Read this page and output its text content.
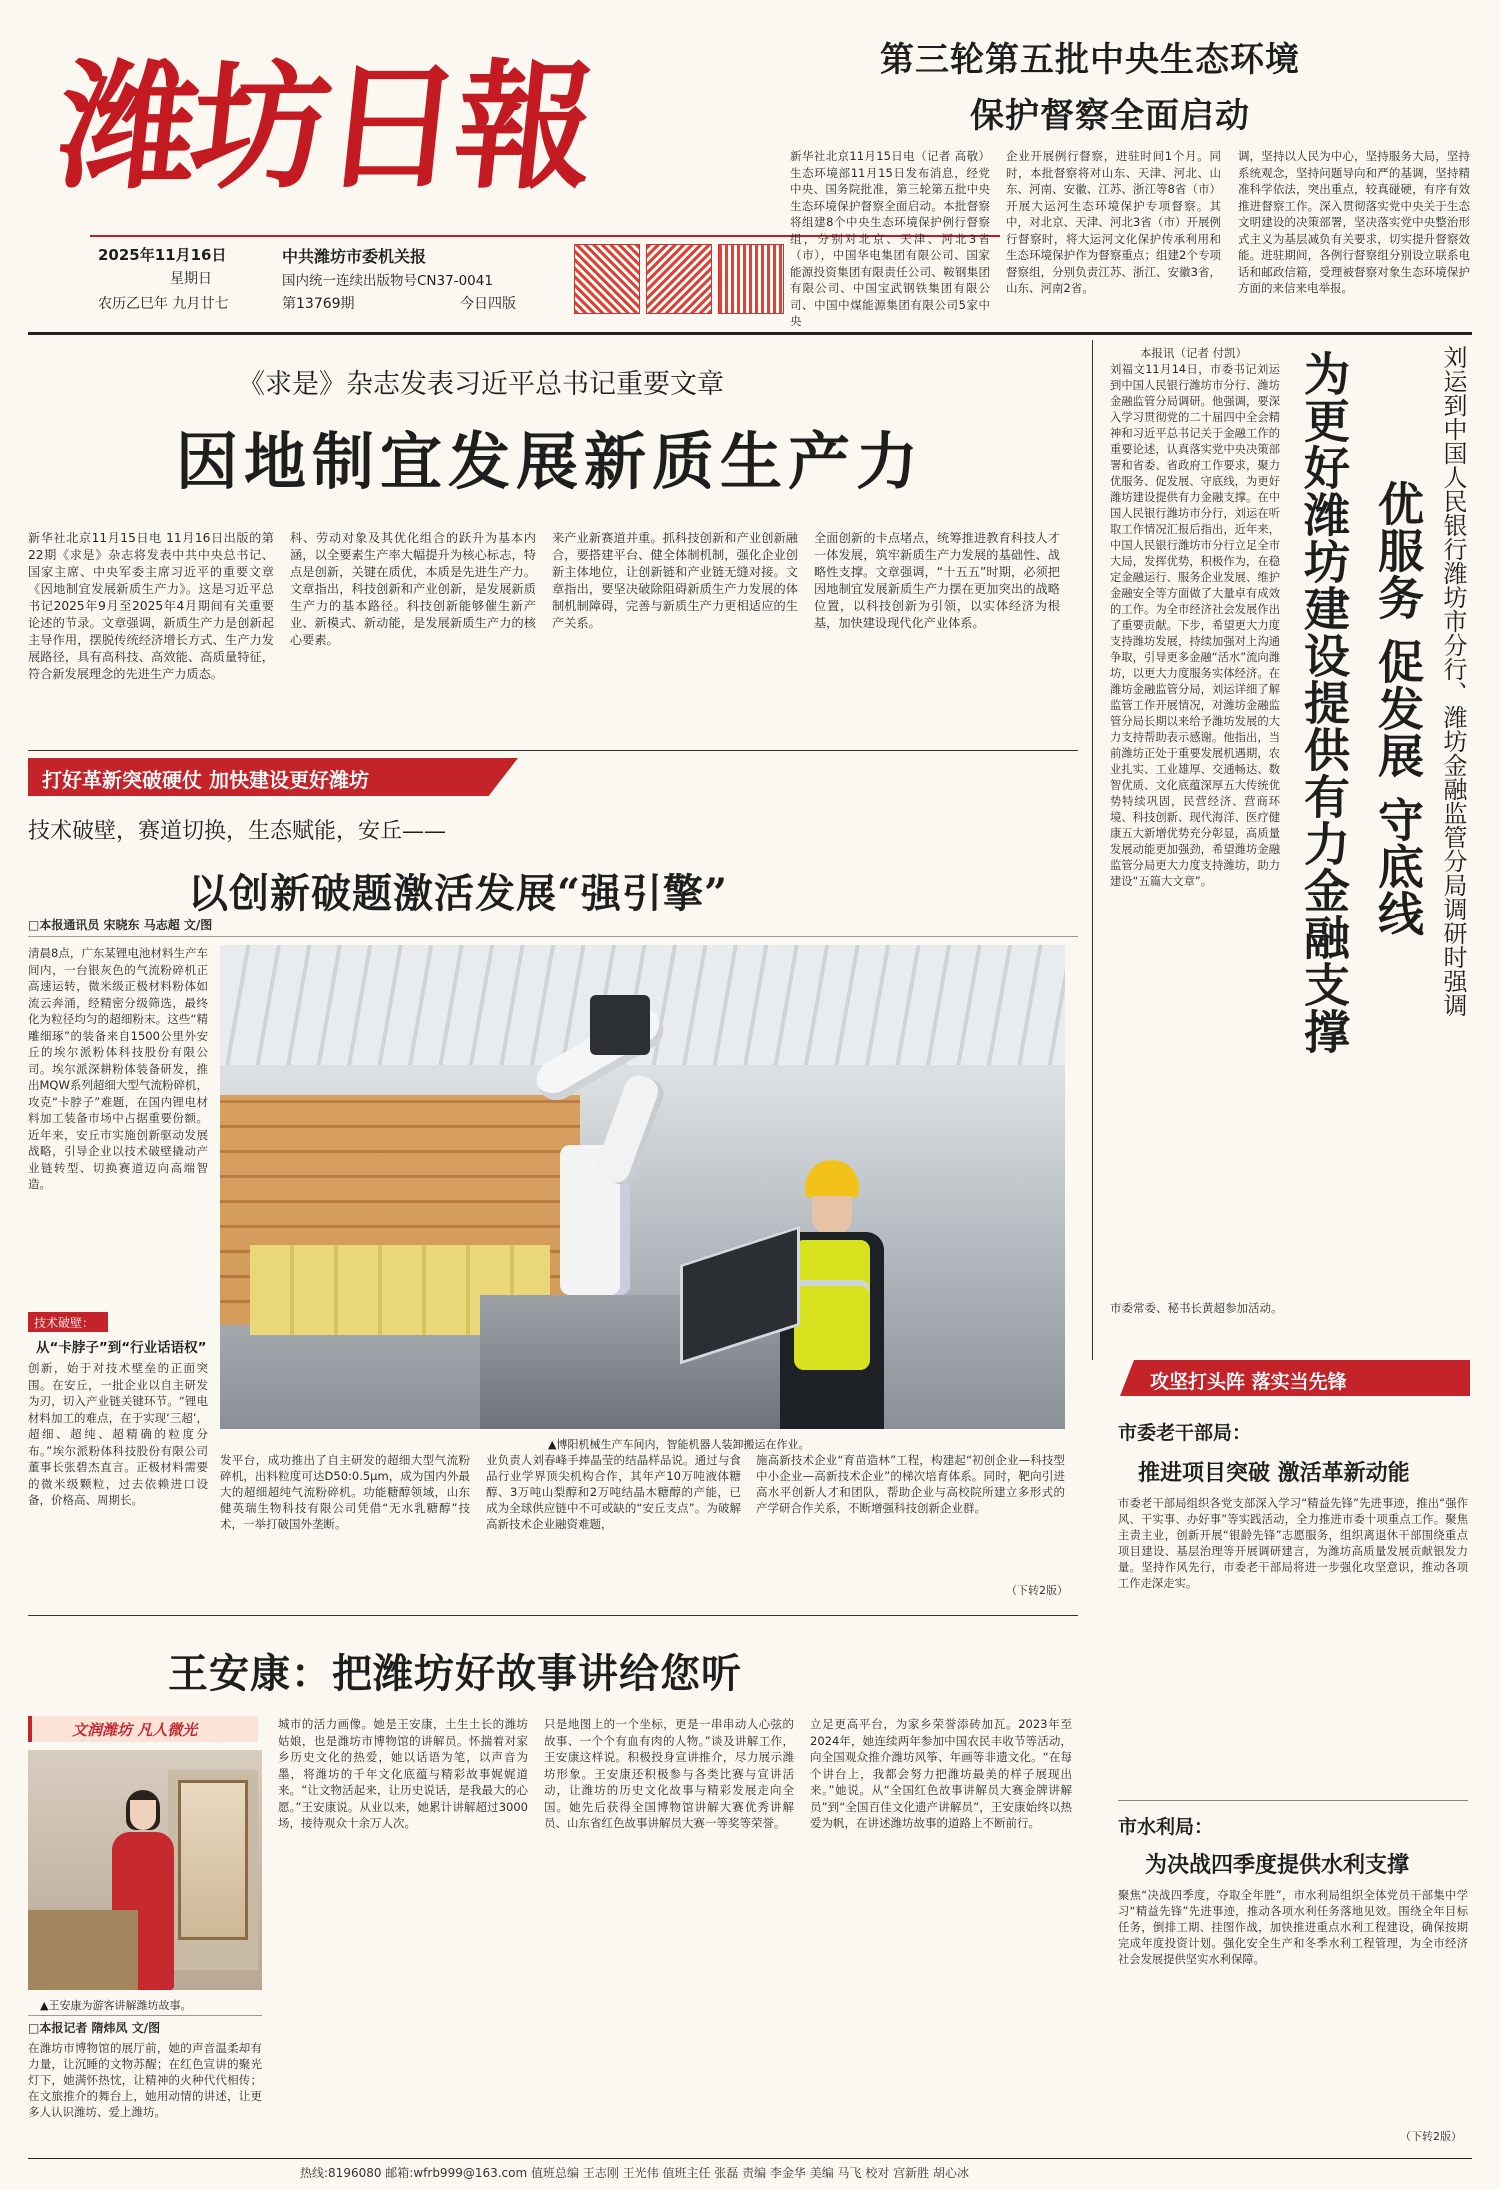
潍坊日報
2025年11月16日
星期日
农历乙巳年 九月廿七
中共潍坊市委机关报
国内统一连续出版物号CN37-0041
第13769期	今日四版
第三轮第五批中央生态环境
保护督察全面启动
新华社北京11月15日电（记者 高敬）生态环境部11月15日发布消息，经党中央、国务院批准，第三轮第五批中央生态环境保护督察全面启动。本批督察将组建8个中央生态环境保护例行督察组，分别对北京、天津、河北3省（市），中国华电集团有限公司、国家能源投资集团有限责任公司、鞍钢集团有限公司、中国宝武钢铁集团有限公司、中国中煤能源集团有限公司5家中央
企业开展例行督察，进驻时间1个月。同时，本批督察将对山东、天津、河北、山东、河南、安徽、江苏、浙江等8省（市）开展大运河生态环境保护专项督察。其中，对北京、天津、河北3省（市）开展例行督察时，将大运河文化保护传承利用和生态环境保护作为督察重点；组建2个专项督察组，分别负责江苏、浙江、安徽3省，山东、河南2省。
调，坚持以人民为中心，坚持服务大局，坚持系统观念，坚持问题导向和严的基调，坚持精准科学依法，突出重点，较真碰硬，有序有效推进督察工作。深入贯彻落实党中央关于生态文明建设的决策部署，坚决落实党中央整治形式主义为基层减负有关要求，切实提升督察效能。进驻期间，各例行督察组分别设立联系电话和邮政信箱，受理被督察对象生态环境保护方面的来信来电举报。
《求是》杂志发表习近平总书记重要文章
因地制宜发展新质生产力
新华社北京11月15日电 11月16日出版的第22期《求是》杂志将发表中共中央总书记、国家主席、中央军委主席习近平的重要文章《因地制宜发展新质生产力》。这是习近平总书记2025年9月至2025年4月期间有关重要论述的节录。文章强调，新质生产力是创新起主导作用，摆脱传统经济增长方式、生产力发展路径，具有高科技、高效能、高质量特征，符合新发展理念的先进生产力质态。
科、劳动对象及其优化组合的跃升为基本内涵，以全要素生产率大幅提升为核心标志，特点是创新，关键在质优，本质是先进生产力。文章指出，科技创新和产业创新，是发展新质生产力的基本路径。科技创新能够催生新产业、新模式、新动能，是发展新质生产力的核心要素。
来产业新赛道并重。抓科技创新和产业创新融合，要搭建平台、健全体制机制，强化企业创新主体地位，让创新链和产业链无缝对接。文章指出，要坚决破除阻碍新质生产力发展的体制机制障碍，完善与新质生产力更相适应的生产关系。
全面创新的卡点堵点，统筹推进教育科技人才一体发展，筑牢新质生产力发展的基础性、战略性支撑。文章强调，“十五五”时期，必须把因地制宜发展新质生产力摆在更加突出的战略位置，以科技创新为引领，以实体经济为根基，加快建设现代化产业体系。	刘运到中国人民银行潍坊市分行、潍坊金融监管分局调研时强调
优服务 促发展 守底线
为更好潍坊建设提供有力金融支撑
本报讯（记者 付凯）
刘福文11月14日，市委书记刘运到中国人民银行潍坊市分行、潍坊金融监管分局调研。他强调，要深入学习贯彻党的二十届四中全会精神和习近平总书记关于金融工作的重要论述，认真落实党中央决策部署和省委、省政府工作要求，聚力优服务、促发展、守底线，为更好潍坊建设提供有力金融支撑。在中国人民银行潍坊市分行，刘运在听取工作情况汇报后指出，近年来，中国人民银行潍坊市分行立足全市大局，发挥优势，积极作为，在稳定金融运行、服务企业发展、维护金融安全等方面做了大量卓有成效的工作。为全市经济社会发展作出了重要贡献。下步，希望更大力度支持潍坊发展，持续加强对上沟通争取，引导更多金融“活水”流向潍坊，以更大力度服务实体经济。在潍坊金融监管分局，刘运详细了解监管工作开展情况，对潍坊金融监管分局长期以来给予潍坊发展的大力支持帮助表示感谢。他指出，当前潍坊正处于重要发展机遇期，农业扎实、工业雄厚、交通畅达、数智优质、文化底蕴深厚五大传统优势特续巩固，民营经济、营商环境、科技创新、现代海洋、医疗健康五大新增优势充分彰显，高质量发展动能更加强劲，希望潍坊金融监管分局更大力度支持潍坊，助力建设“五篇大文章”。
市委常委、秘书长黄超参加活动。
打好革新突破硬仗 加快建设更好潍坊
技术破壁，赛道切换，生态赋能，安丘——
以创新破题激活发展“强引擎”
□本报通讯员 宋晓东 马志超 文/图
清晨8点，广东某锂电池材料生产车间内，一台银灰色的气流粉碎机正高速运转，微米级正极材料粉体如流云奔涌，经精密分级筛选，最终化为粒径均匀的超细粉末。这些“精雕细琢”的装备来自1500公里外安丘的埃尔派粉体科技股份有限公司。埃尔派深耕粉体装备研发，推出MQW系列超细大型气流粉碎机，攻克“卡脖子”难题，在国内锂电材料加工装备市场中占据重要份额。近年来，安丘市实施创新驱动发展战略，引导企业以技术破壁撬动产业链转型、切换赛道迈向高端智造。
技术破壁：
从“卡脖子”到“行业话语权”
创新，始于对技术壁垒的正面突围。在安丘，一批企业以自主研发为刃，切入产业链关键环节。“锂电材料加工的难点，在于实现‘三超’，超细、超纯、超精确的粒度分布。”埃尔派粉体科技股份有限公司董事长张碧杰直言。正极材料需要的微米级颗粒，过去依赖进口设备，价格高、周期长。
▲博阳机械生产车间内，智能机器人装卸搬运在作业。
发平台，成功推出了自主研发的超细大型气流粉碎机，出料粒度可达D50:0.5μm，成为国内外最大的超细超纯气流粉碎机。功能糖醇领域，山东健英瑞生物科技有限公司凭借“无水乳糖醇”技术，一举打破国外垄断。
业负责人刘春峰手捧晶莹的结晶样品说。通过与食品行业学界顶尖机构合作，其年产10万吨液体糖醇、3万吨山梨醇和2万吨结晶木糖醇的产能，已成为全球供应链中不可或缺的“安丘支点”。为破解高新技术企业融资难题，
施高新技术企业“育苗造林”工程，构建起“初创企业—科技型中小企业—高新技术企业”的梯次培育体系。同时，靶向引进高水平创新人才和团队，帮助企业与高校院所建立多形式的产学研合作关系，不断增强科技创新企业群。
（下转2版）
攻坚打头阵 落实当先锋
市委老干部局：
推进项目突破 激活革新动能
市委老干部局组织各党支部深入学习“精益先锋”先进事迹，推出“强作风、干实事、办好事”等实践活动，全力推进市委十项重点工作。聚焦主责主业，创新开展“银龄先锋”志愿服务，组织离退休干部围绕重点项目建设、基层治理等开展调研建言，为潍坊高质量发展贡献银发力量。坚持作风先行，市委老干部局将进一步强化攻坚意识，推动各项工作走深走实。
市水利局：
为决战四季度提供水利支撑
聚焦“决战四季度，夺取全年胜”，市水利局组织全体党员干部集中学习“精益先锋”先进事迹，推动各项水利任务落地见效。围绕全年目标任务，倒排工期、挂图作战，加快推进重点水利工程建设，确保按期完成年度投资计划。强化安全生产和冬季水利工程管理，为全市经济社会发展提供坚实水利保障。
（下转2版）
王安康：把潍坊好故事讲给您听
文润潍坊 凡人微光
▲王安康为游客讲解潍坊故事。
□本报记者 隋炜凤 文/图
在潍坊市博物馆的展厅前，她的声音温柔却有力量，让沉睡的文物苏醒；在红色宣讲的聚光灯下，她满怀热忱，让精神的火种代代相传；在文旅推介的舞台上，她用动情的讲述，让更多人认识潍坊、爱上潍坊。
城市的活力画像。她是王安康，土生土长的潍坊姑娘，也是潍坊市博物馆的讲解员。怀揣着对家乡历史文化的热爱，她以话语为笔，以声音为墨，将潍坊的千年文化底蕴与精彩故事娓娓道来。“让文物活起来，让历史说话，是我最大的心愿。”王安康说。从业以来，她累计讲解超过3000场，接待观众十余万人次。
只是地图上的一个坐标，更是一串串动人心弦的故事、一个个有血有肉的人物。”谈及讲解工作，王安康这样说。积极投身宣讲推介，尽力展示潍坊形象。王安康还积极参与各类比赛与宣讲活动，让潍坊的历史文化故事与精彩发展走向全国。她先后获得全国博物馆讲解大赛优秀讲解员、山东省红色故事讲解员大赛一等奖等荣誉。
立足更高平台，为家乡荣誉添砖加瓦。2023年至2024年，她连续两年参加中国农民丰收节等活动，向全国观众推介潍坊风筝、年画等非遗文化。“在每个讲台上，我都会努力把潍坊最美的样子展现出来。”她说。从“全国红色故事讲解员大赛金牌讲解员”到“全国百佳文化遗产讲解员”，王安康始终以热爱为帆，在讲述潍坊故事的道路上不断前行。
热线:8196080 邮箱:wfrb999@163.com 值班总编 王志刚 王光伟 值班主任 张磊 责编 李金华 美编 马飞 校对 宫新胜 胡心冰
